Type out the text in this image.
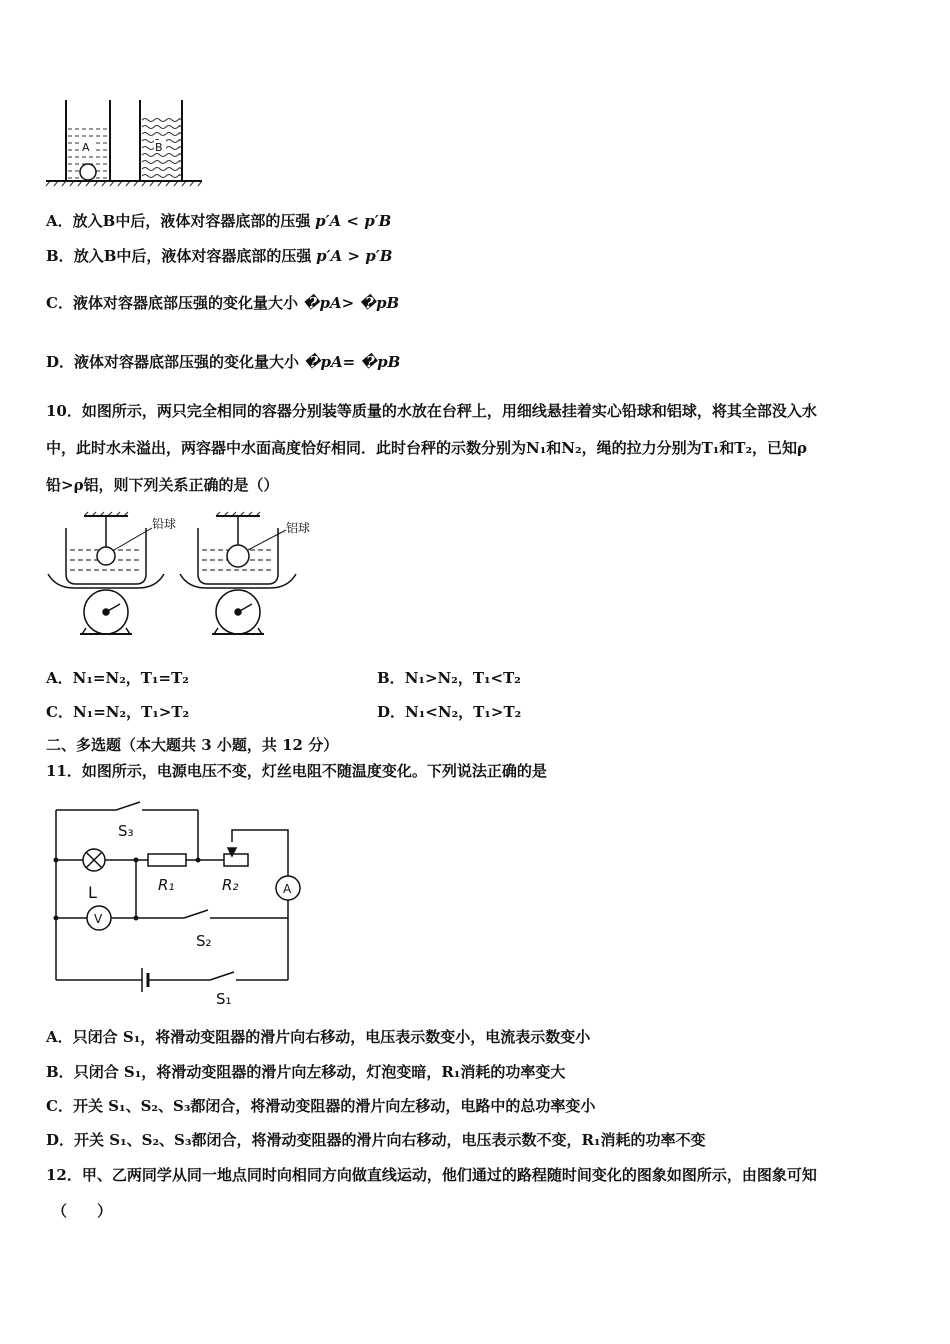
A	B
A．放入B中后，液体对容器底部的压强 p′A < p′B
B．放入B中后，液体对容器底部的压强 p′A > p′B
C．液体对容器底部压强的变化量大小 �pA> �pB
D．液体对容器底部压强的变化量大小 �pA= �pB
10．如图所示，两只完全相同的容器分别装等质量的水放在台秤上，用细线悬挂着实心铅球和铝球，将其全部没入水
中，此时水未溢出，两容器中水面高度恰好相同．此时台秤的示数分别为N₁和N₂，绳的拉力分别为T₁和T₂，已知ρ
铅>ρ铝，则下列关系正确的是（）
铅球	铝球
A．N₁=N₂，T₁=T₂	B．N₁>N₂，T₁<T₂
C．N₁=N₂，T₁>T₂	D．N₁<N₂，T₁>T₂
二、多选题（本大题共 3 小题，共 12 分）
11．如图所示，电源电压不变，灯丝电阻不随温度变化。下列说法正确的是
S₃
L	R₁	R₂	A
V
S₂
S₁
A．只闭合 S₁，将滑动变阻器的滑片向右移动，电压表示数变小，电流表示数变小
B．只闭合 S₁，将滑动变阻器的滑片向左移动，灯泡变暗，R₁消耗的功率变大
C．开关 S₁、S₂、S₃都闭合，将滑动变阻器的滑片向左移动，电路中的总功率变小
D．开关 S₁、S₂、S₃都闭合，将滑动变阻器的滑片向右移动，电压表示数不变，R₁消耗的功率不变
12．甲、乙两同学从同一地点同时向相同方向做直线运动，他们通过的路程随时间变化的图象如图所示，由图象可知
（　　）
